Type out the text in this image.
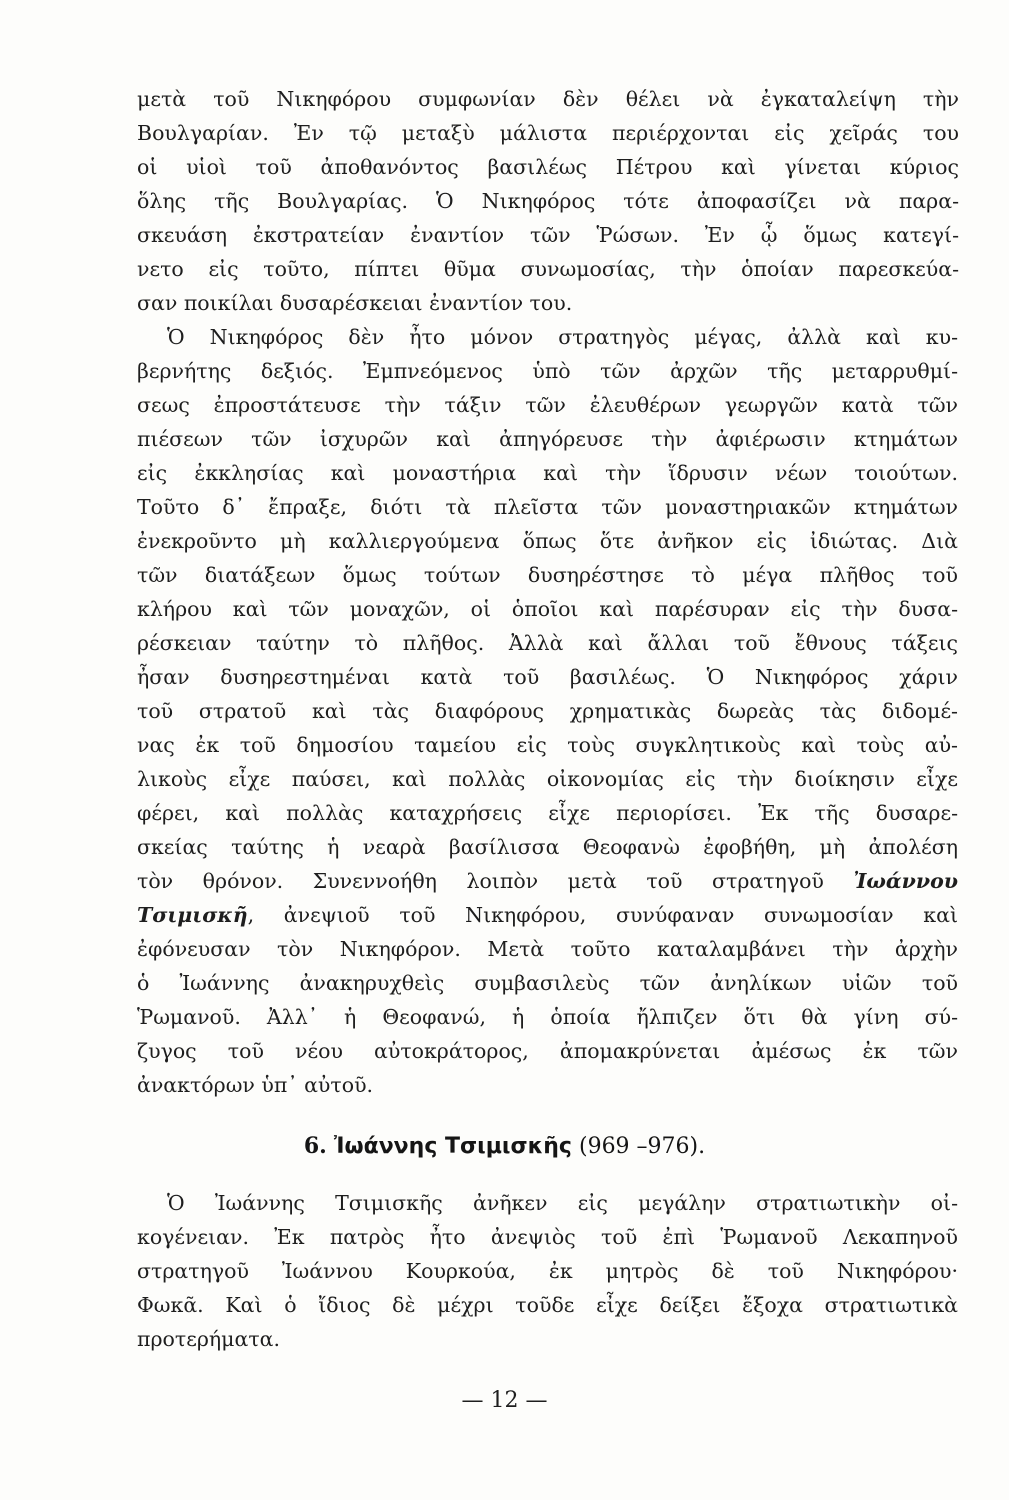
μετὰ τοῦ Νικηφόρου συμφωνίαν δὲν θέλει νὰ ἐγκαταλείψη τὴν
Βουλγαρίαν. Ἐν τῷ μεταξὺ μάλιστα περιέρχονται εἰς χεῖράς του
οἱ υἱοὶ τοῦ ἀποθανόντος βασιλέως Πέτρου καὶ γίνεται κύριος
ὅλης τῆς Βουλγαρίας. Ὁ Νικηφόρος τότε ἀποφασίζει νὰ παρα-
σκευάση ἐκστρατείαν ἐναντίον τῶν Ῥώσων. Ἐν ᾧ ὅμως κατεγί-
νετο εἰς τοῦτο, πίπτει θῦμα συνωμοσίας, τὴν ὁποίαν παρεσκεύα-
σαν ποικίλαι δυσαρέσκειαι ἐναντίον του.
Ὁ Νικηφόρος δὲν ἦτο μόνον στρατηγὸς μέγας, ἀλλὰ καὶ κυ-
βερνήτης δεξιός. Ἐμπνεόμενος ὑπὸ τῶν ἀρχῶν τῆς μεταρρυθμί-
σεως ἐπροστάτευσε τὴν τάξιν τῶν ἐλευθέρων γεωργῶν κατὰ τῶν
πιέσεων τῶν ἰσχυρῶν καὶ ἀπηγόρευσε τὴν ἀφιέρωσιν κτημάτων
εἰς ἐκκλησίας καὶ μοναστήρια καὶ τὴν ἵδρυσιν νέων τοιούτων.
Τοῦτο δ᾿ ἔπραξε, διότι τὰ πλεῖστα τῶν μοναστηριακῶν κτημάτων
ἐνεκροῦντο μὴ καλλιεργούμενα ὅπως ὅτε ἀνῆκον εἰς ἰδιώτας. Διὰ
τῶν διατάξεων ὅμως τούτων δυσηρέστησε τὸ μέγα πλῆθος τοῦ
κλήρου καὶ τῶν μοναχῶν, οἱ ὁποῖοι καὶ παρέσυραν εἰς τὴν δυσα-
ρέσκειαν ταύτην τὸ πλῆθος. Ἀλλὰ καὶ ἄλλαι τοῦ ἔθνους τάξεις
ἦσαν δυσηρεστημέναι κατὰ τοῦ βασιλέως. Ὁ Νικηφόρος χάριν
τοῦ στρατοῦ καὶ τὰς διαφόρους χρηματικὰς δωρεὰς τὰς διδομέ-
νας ἐκ τοῦ δημοσίου ταμείου εἰς τοὺς συγκλητικοὺς καὶ τοὺς αὐ-
λικοὺς εἶχε παύσει, καὶ πολλὰς οἰκονομίας εἰς τὴν διοίκησιν εἶχε
φέρει, καὶ πολλὰς καταχρήσεις εἶχε περιορίσει. Ἐκ τῆς δυσαρε-
σκείας ταύτης ἡ νεαρὰ βασίλισσα Θεοφανὼ ἐφοβήθη, μὴ ἀπολέση
τὸν θρόνον. Συνεννοήθη λοιπὸν μετὰ τοῦ στρατηγοῦ Ἰωάννου
Τσιμισκῆ, ἀνεψιοῦ τοῦ Νικηφόρου, συνύφαναν συνωμοσίαν καὶ
ἐφόνευσαν τὸν Νικηφόρον. Μετὰ τοῦτο καταλαμβάνει τὴν ἀρχὴν
ὁ Ἰωάννης ἀνακηρυχθεὶς συμβασιλεὺς τῶν ἀνηλίκων υἱῶν τοῦ
Ῥωμανοῦ. Ἀλλ᾿ ἡ Θεοφανώ, ἡ ὁποία ἤλπιζεν ὅτι θὰ γίνη σύ-
ζυγος τοῦ νέου αὐτοκράτορος, ἀπομακρύνεται ἀμέσως ἐκ τῶν
ἀνακτόρων ὑπ᾿ αὐτοῦ.
6. Ἰωάννης Τσιμισκῆς (969 –976).
Ὁ Ἰωάννης Τσιμισκῆς ἀνῆκεν εἰς μεγάλην στρατιωτικὴν οἰ-
κογένειαν. Ἐκ πατρὸς ἦτο ἀνεψιὸς τοῦ ἐπὶ Ῥωμανοῦ Λεκαπηνοῦ
στρατηγοῦ Ἰωάννου Κουρκούα, ἐκ μητρὸς δὲ τοῦ Νικηφόρου·
Φωκᾶ. Καὶ ὁ ἴδιος δὲ μέχρι τοῦδε εἶχε δείξει ἔξοχα στρατιωτικὰ
προτερήματα.
— 12 —
